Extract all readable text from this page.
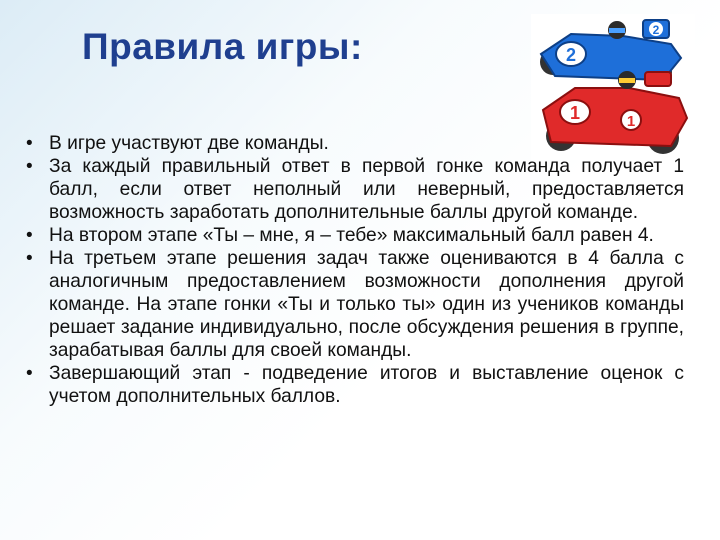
Правила игры:	2
2
1	1
• В игре участвуют две команды.
• За каждый правильный ответ в первой гонке команда получает 1 балл, если ответ неполный или неверный, предоставляется возможность заработать дополнительные баллы другой команде.
• На втором этапе «Ты – мне, я – тебе» максимальный балл равен 4.
• На третьем этапе решения задач также оцениваются в 4 балла с аналогичным предоставлением возможности дополнения другой команде. На этапе гонки «Ты и только ты» один из учеников команды решает задание индивидуально, после обсуждения решения в группе, зарабатывая баллы для своей команды.
• Завершающий этап - подведение итогов и выставление оценок с учетом дополнительных баллов.
